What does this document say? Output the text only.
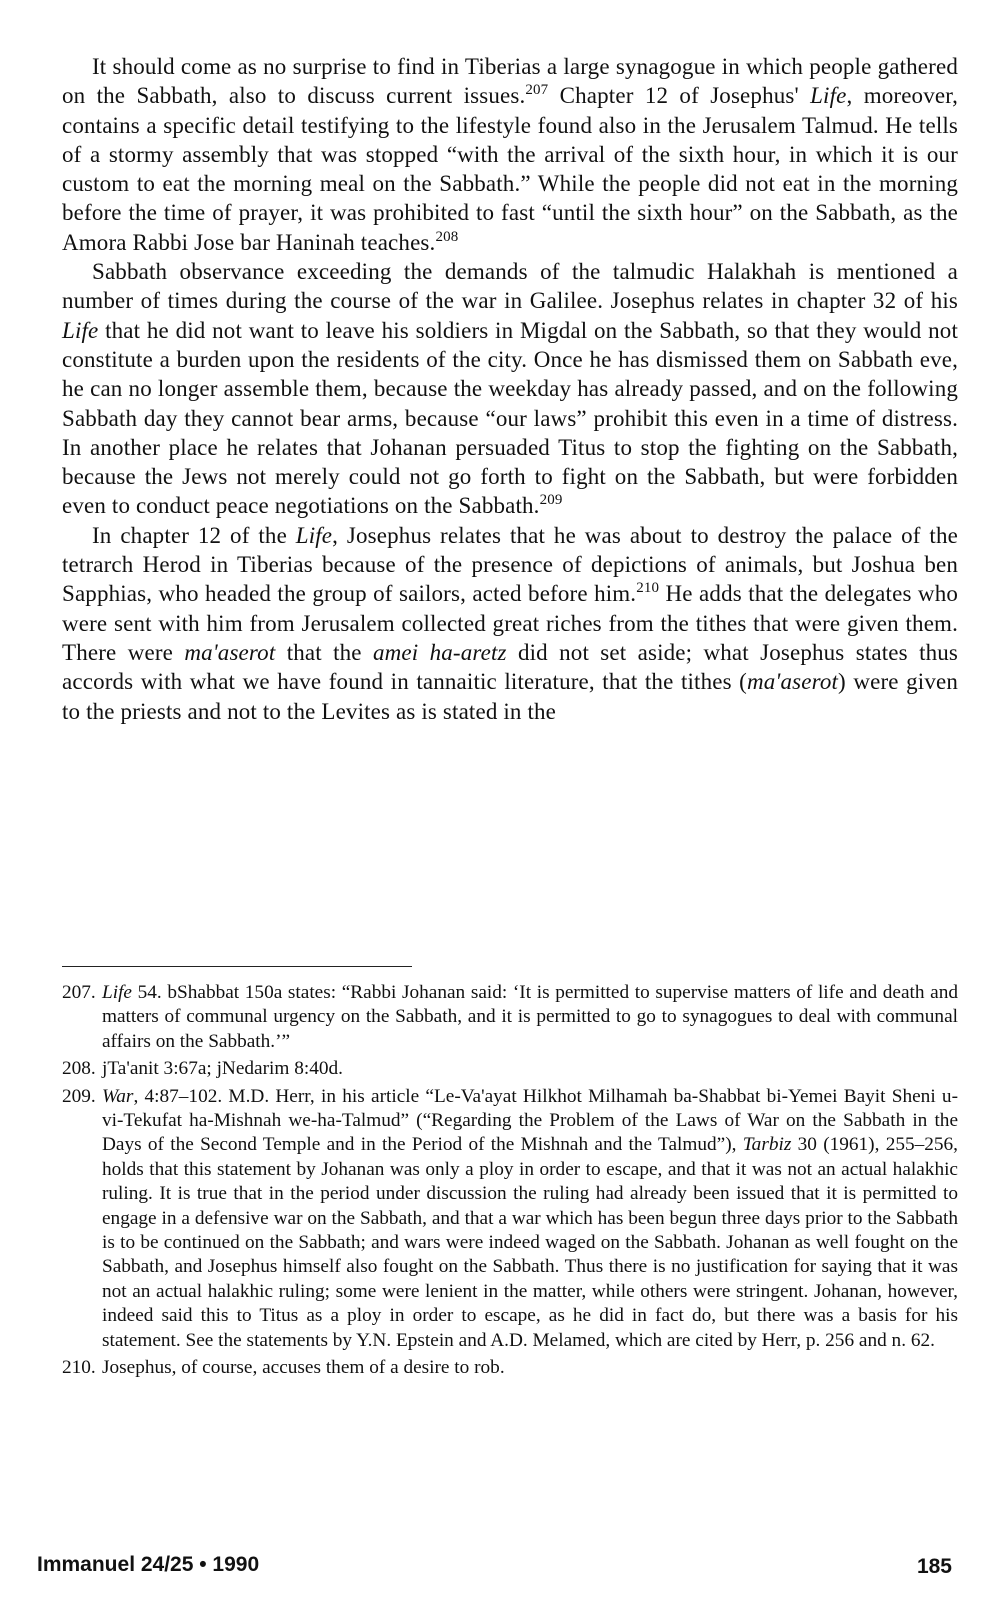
It should come as no surprise to find in Tiberias a large synagogue in which people gathered on the Sabbath, also to discuss current issues.$^{207}$ Chapter 12 of Josephus' Life, moreover, contains a specific detail testifying to the lifestyle found also in the Jerusalem Talmud. He tells of a stormy assembly that was stopped “with the arrival of the sixth hour, in which it is our custom to eat the morning meal on the Sabbath.” While the people did not eat in the morning before the time of prayer, it was prohibited to fast “until the sixth hour” on the Sabbath, as the Amora Rabbi Jose bar Haninah teaches.$^{208}$

Sabbath observance exceeding the demands of the talmudic Halakhah is mentioned a number of times during the course of the war in Galilee. Josephus relates in chapter 32 of his Life that he did not want to leave his soldiers in Migdal on the Sabbath, so that they would not constitute a burden upon the residents of the city. Once he has dismissed them on Sabbath eve, he can no longer assemble them, because the weekday has already passed, and on the following Sabbath day they cannot bear arms, because “our laws” prohibit this even in a time of distress. In another place he relates that Johanan persuaded Titus to stop the fighting on the Sabbath, because the Jews not merely could not go forth to fight on the Sabbath, but were forbidden even to conduct peace negotiations on the Sabbath.$^{209}$

In chapter 12 of the Life, Josephus relates that he was about to destroy the palace of the tetrarch Herod in Tiberias because of the presence of depictions of animals, but Joshua ben Sapphias, who headed the group of sailors, acted before him.$^{210}$ He adds that the delegates who were sent with him from Jerusalem collected great riches from the tithes that were given them. There were ma'aserot that the amei ha-aretz did not set aside; what Josephus states thus accords with what we have found in tannaitic literature, that the tithes (ma'aserot) were given to the priests and not to the Levites as is stated in the

207. Life 54. bShabbat 150a states: “Rabbi Johanan said: ‘It is permitted to supervise matters of life and death and matters of communal urgency on the Sabbath, and it is permitted to go to synagogues to deal with communal affairs on the Sabbath.’”
208. jTa'anit 3:67a; jNedarim 8:40d.
209. War, 4:87–102. M.D. Herr, in his article “Le-Va'ayat Hilkhot Milhamah ba-Shabbat bi-Yemei Bayit Sheni u-vi-Tekufat ha-Mishnah we-ha-Talmud” (“Regarding the Problem of the Laws of War on the Sabbath in the Days of the Second Temple and in the Period of the Mishnah and the Talmud”), Tarbiz 30 (1961), 255–256, holds that this statement by Johanan was only a ploy in order to escape, and that it was not an actual halakhic ruling. It is true that in the period under discussion the ruling had already been issued that it is permitted to engage in a defensive war on the Sabbath, and that a war which has been begun three days prior to the Sabbath is to be continued on the Sabbath; and wars were indeed waged on the Sabbath. Johanan as well fought on the Sabbath, and Josephus himself also fought on the Sabbath. Thus there is no justification for saying that it was not an actual halakhic ruling; some were lenient in the matter, while others were stringent. Johanan, however, indeed said this to Titus as a ploy in order to escape, as he did in fact do, but there was a basis for his statement. See the statements by Y.N. Epstein and A.D. Melamed, which are cited by Herr, p. 256 and n. 62.
210. Josephus, of course, accuses them of a desire to rob.
Immanuel 24/25 • 1990	185
